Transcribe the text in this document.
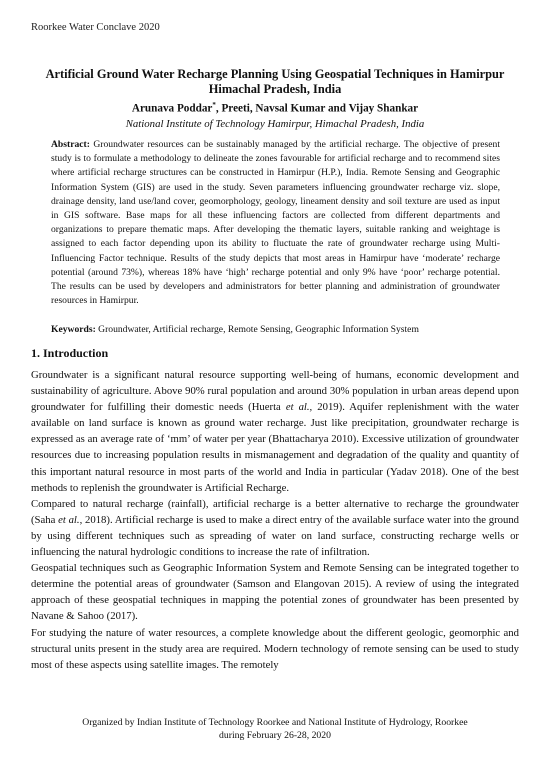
Roorkee Water Conclave 2020

Artificial Ground Water Recharge Planning Using Geospatial Techniques in Hamirpur Himachal Pradesh, India

Arunava Poddar*, Preeti, Navsal Kumar and Vijay Shankar

National Institute of Technology Hamirpur, Himachal Pradesh, India

Abstract: Groundwater resources can be sustainably managed by the artificial recharge. The objective of present study is to formulate a methodology to delineate the zones favourable for artificial recharge and to recommend sites where artificial recharge structures can be constructed in Hamirpur (H.P.), India. Remote Sensing and Geographic Information System (GIS) are used in the study. Seven parameters influencing groundwater recharge viz. slope, drainage density, land use/land cover, geomorphology, geology, lineament density and soil texture are used as input in GIS software. Base maps for all these influencing factors are collected from different departments and organizations to prepare thematic maps. After developing the thematic layers, suitable ranking and weightage is assigned to each factor depending upon its ability to fluctuate the rate of groundwater recharge using Multi-Influencing Factor technique. Results of the study depicts that most areas in Hamirpur have ‘moderate’ recharge potential (around 73%), whereas 18% have ‘high’ recharge potential and only 9% have ‘poor’ recharge potential. The results can be used by developers and administrators for better planning and administration of groundwater resources in Hamirpur.

Keywords: Groundwater, Artificial recharge, Remote Sensing, Geographic Information System

1. Introduction

Groundwater is a significant natural resource supporting well-being of humans, economic development and sustainability of agriculture. Above 90% rural population and around 30% population in urban areas depend upon groundwater for fulfilling their domestic needs (Huerta et al., 2019). Aquifer replenishment with the water available on land surface is known as ground water recharge. Just like precipitation, groundwater recharge is expressed as an average rate of ‘mm’ of water per year (Bhattacharya 2010). Excessive utilization of groundwater resources due to increasing population results in mismanagement and degradation of the quality and quantity of this important natural resource in most parts of the world and India in particular (Yadav 2018). One of the best methods to replenish the groundwater is Artificial Recharge.

Compared to natural recharge (rainfall), artificial recharge is a better alternative to recharge the groundwater (Saha et al., 2018). Artificial recharge is used to make a direct entry of the available surface water into the ground by using different techniques such as spreading of water on land surface, constructing recharge wells or influencing the natural hydrologic conditions to increase the rate of infiltration.

Geospatial techniques such as Geographic Information System and Remote Sensing can be integrated together to determine the potential areas of groundwater (Samson and Elangovan 2015). A review of using the integrated approach of these geospatial techniques in mapping the potential zones of groundwater has been presented by Navane & Sahoo (2017).

For studying the nature of water resources, a complete knowledge about the different geologic, geomorphic and structural units present in the study area are required. Modern technology of remote sensing can be used to study most of these aspects using satellite images. The remotely

Organized by Indian Institute of Technology Roorkee and National Institute of Hydrology, Roorkee
during February 26-28, 2020
